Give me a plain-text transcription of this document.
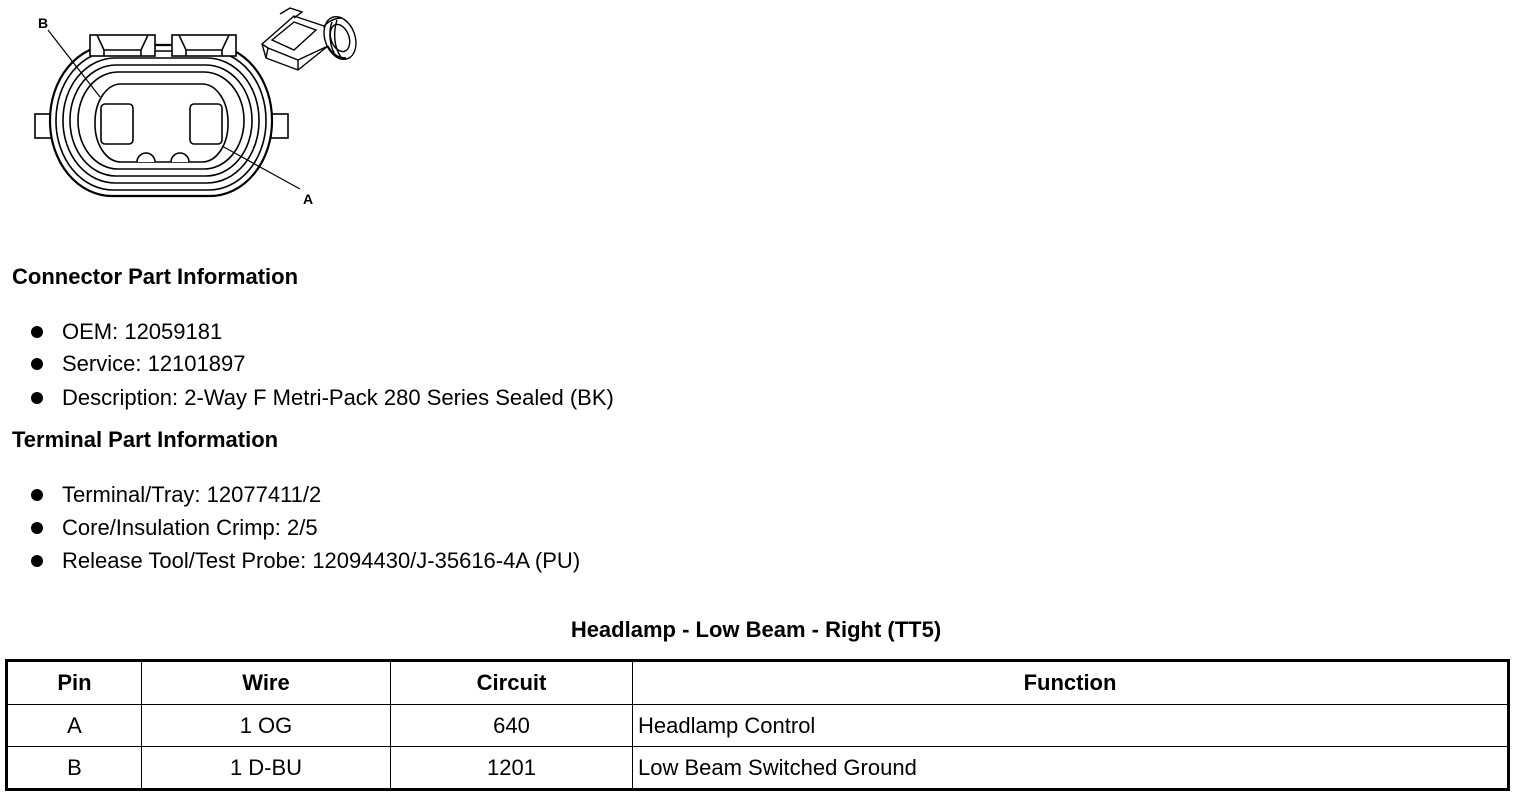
B
A
Connector Part Information
OEM: 12059181
Service: 12101897
Description: 2-Way F Metri-Pack 280 Series Sealed (BK)
Terminal Part Information
Terminal/Tray: 12077411/2
Core/Insulation Crimp: 2/5
Release Tool/Test Probe: 12094430/J-35616-4A (PU)
Headlamp - Low Beam - Right (TT5)
Pin	Wire	Circuit	Function
A	1 OG	640	Headlamp Control
B	1 D-BU	1201	Low Beam Switched Ground
